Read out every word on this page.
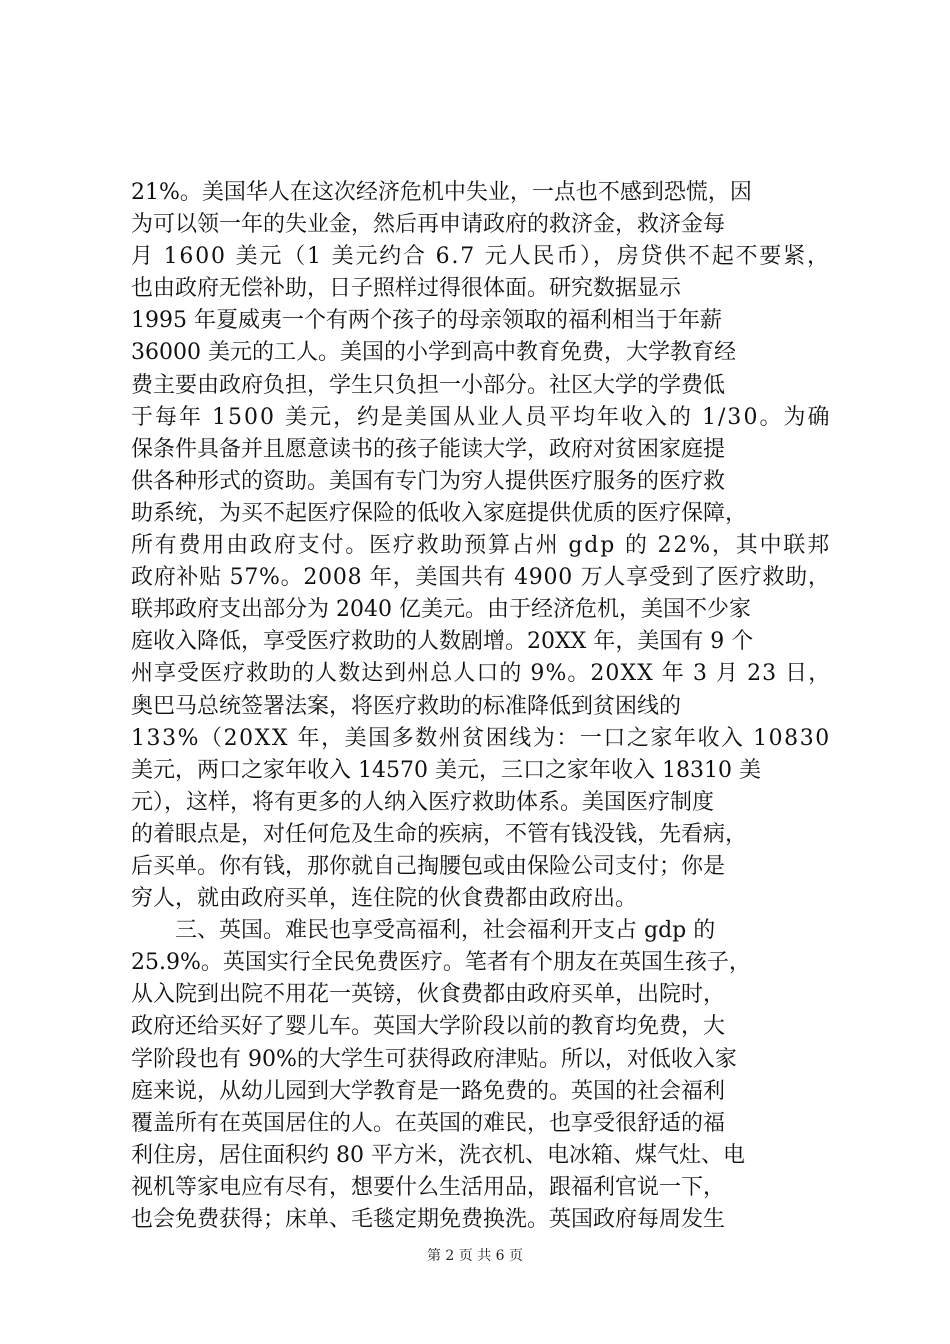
21%。美国华人在这次经济危机中失业，一点也不感到恐慌，因
为可以领一年的失业金，然后再申请政府的救济金，救济金每
月 1600 美元（1 美元约合 6.7 元人民币），房贷供不起不要紧，
也由政府无偿补助，日子照样过得很体面。研究数据显示
1995 年夏威夷一个有两个孩子的母亲领取的福利相当于年薪
36000 美元的工人。美国的小学到高中教育免费，大学教育经
费主要由政府负担，学生只负担一小部分。社区大学的学费低
于每年 1500 美元，约是美国从业人员平均年收入的 1/30。为确
保条件具备并且愿意读书的孩子能读大学，政府对贫困家庭提
供各种形式的资助。美国有专门为穷人提供医疗服务的医疗救
助系统，为买不起医疗保险的低收入家庭提供优质的医疗保障，
所有费用由政府支付。医疗救助预算占州 gdp 的 22%，其中联邦
政府补贴 57%。2008 年，美国共有 4900 万人享受到了医疗救助，
联邦政府支出部分为 2040 亿美元。由于经济危机，美国不少家
庭收入降低，享受医疗救助的人数剧增。20XX 年，美国有 9 个
州享受医疗救助的人数达到州总人口的 9%。20XX 年 3 月 23 日，
奥巴马总统签署法案，将医疗救助的标准降低到贫困线的
133%（20XX 年，美国多数州贫困线为：一口之家年收入 10830
美元，两口之家年收入 14570 美元，三口之家年收入 18310 美
元），这样，将有更多的人纳入医疗救助体系。美国医疗制度
的着眼点是，对任何危及生命的疾病，不管有钱没钱，先看病，
后买单。你有钱，那你就自己掏腰包或由保险公司支付；你是
穷人，就由政府买单，连住院的伙食费都由政府出。
　　三、英国。难民也享受高福利，社会福利开支占 gdp 的
25.9%。英国实行全民免费医疗。笔者有个朋友在英国生孩子，
从入院到出院不用花一英镑，伙食费都由政府买单，出院时，
政府还给买好了婴儿车。英国大学阶段以前的教育均免费，大
学阶段也有 90%的大学生可获得政府津贴。所以，对低收入家
庭来说，从幼儿园到大学教育是一路免费的。英国的社会福利
覆盖所有在英国居住的人。在英国的难民，也享受很舒适的福
利住房，居住面积约 80 平方米，洗衣机、电冰箱、煤气灶、电
视机等家电应有尽有，想要什么生活用品，跟福利官说一下，
也会免费获得；床单、毛毯定期免费换洗。英国政府每周发生
第 2 页 共 6 页
